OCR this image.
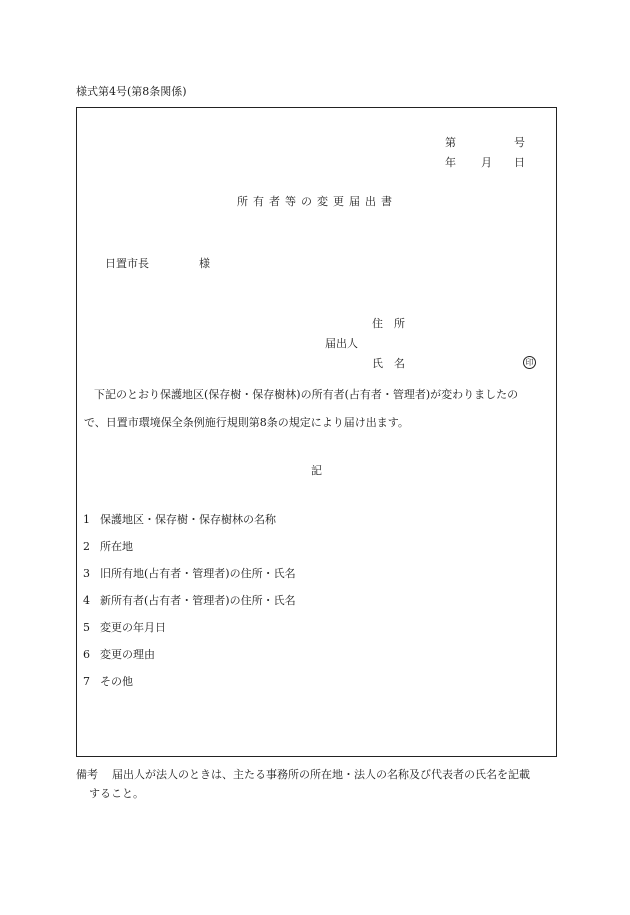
様式第4号(第8条関係)
第	号
年 月 日
所有者等の変更届出書
日置市長	様
住　所
届出人
氏　名	印
下記のとおり保護地区(保存樹・保存樹林)の所有者(占有者・管理者)が変わりましたの
で、日置市環境保全条例施行規則第8条の規定により届け出ます。
記
1 保護地区・保存樹・保存樹林の名称
2 所在地
3 旧所有地(占有者・管理者)の住所・氏名
4 新所有者(占有者・管理者)の住所・氏名
5 変更の年月日
6 変更の理由
7 その他
備考 届出人が法人のときは、主たる事務所の所在地・法人の名称及び代表者の氏名を記載
すること。
